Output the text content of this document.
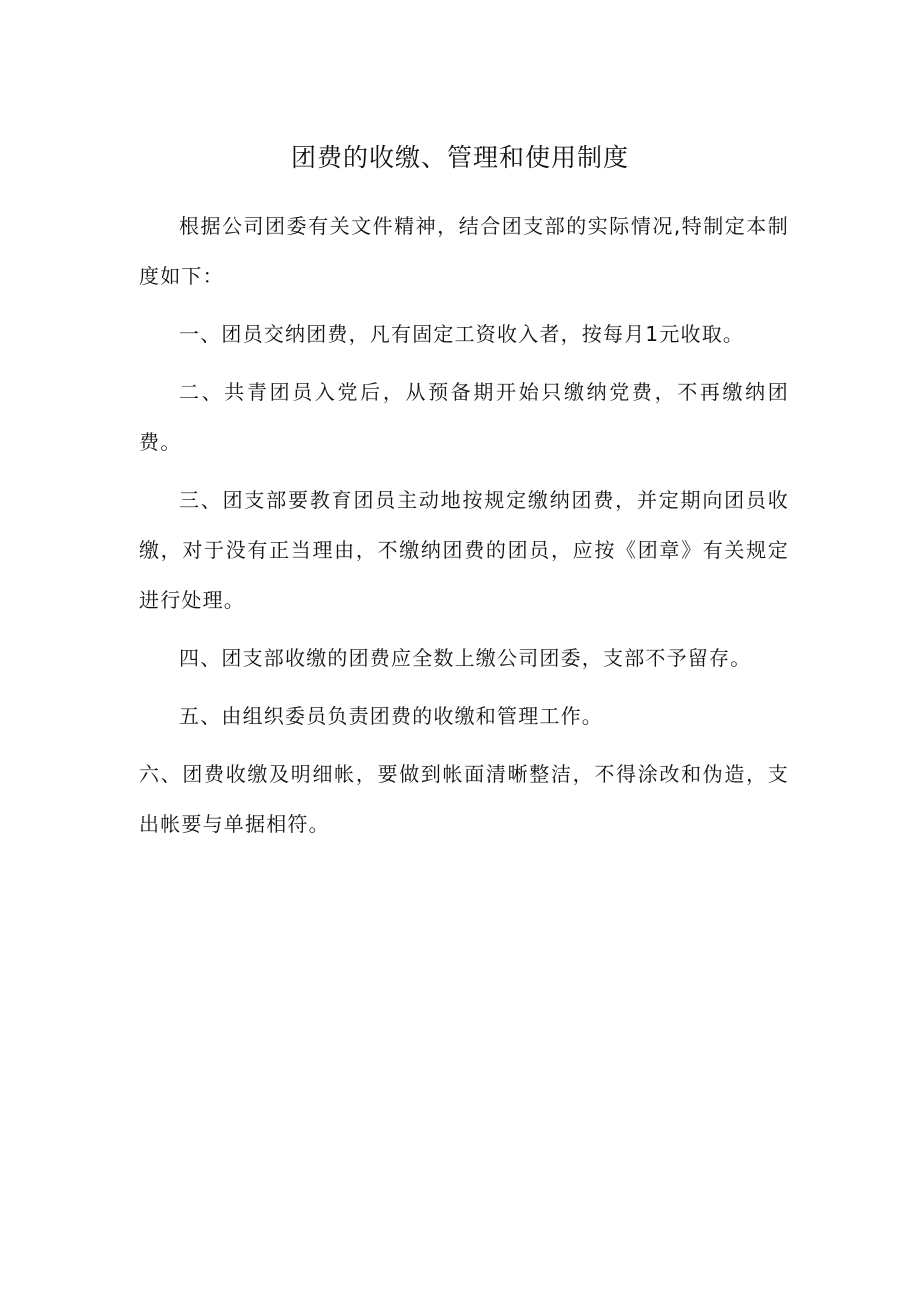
团费的收缴、管理和使用制度

根据公司团委有关文件精神，结合团支部的实际情况,特制定本制度如下：

一、团员交纳团费，凡有固定工资收入者，按每月1元收取。

二、共青团员入党后，从预备期开始只缴纳党费，不再缴纳团费。

三、团支部要教育团员主动地按规定缴纳团费，并定期向团员收缴，对于没有正当理由，不缴纳团费的团员，应按《团章》有关规定进行处理。

四、团支部收缴的团费应全数上缴公司团委，支部不予留存。

五、由组织委员负责团费的收缴和管理工作。

六、团费收缴及明细帐，要做到帐面清晰整洁，不得涂改和伪造，支出帐要与单据相符。
